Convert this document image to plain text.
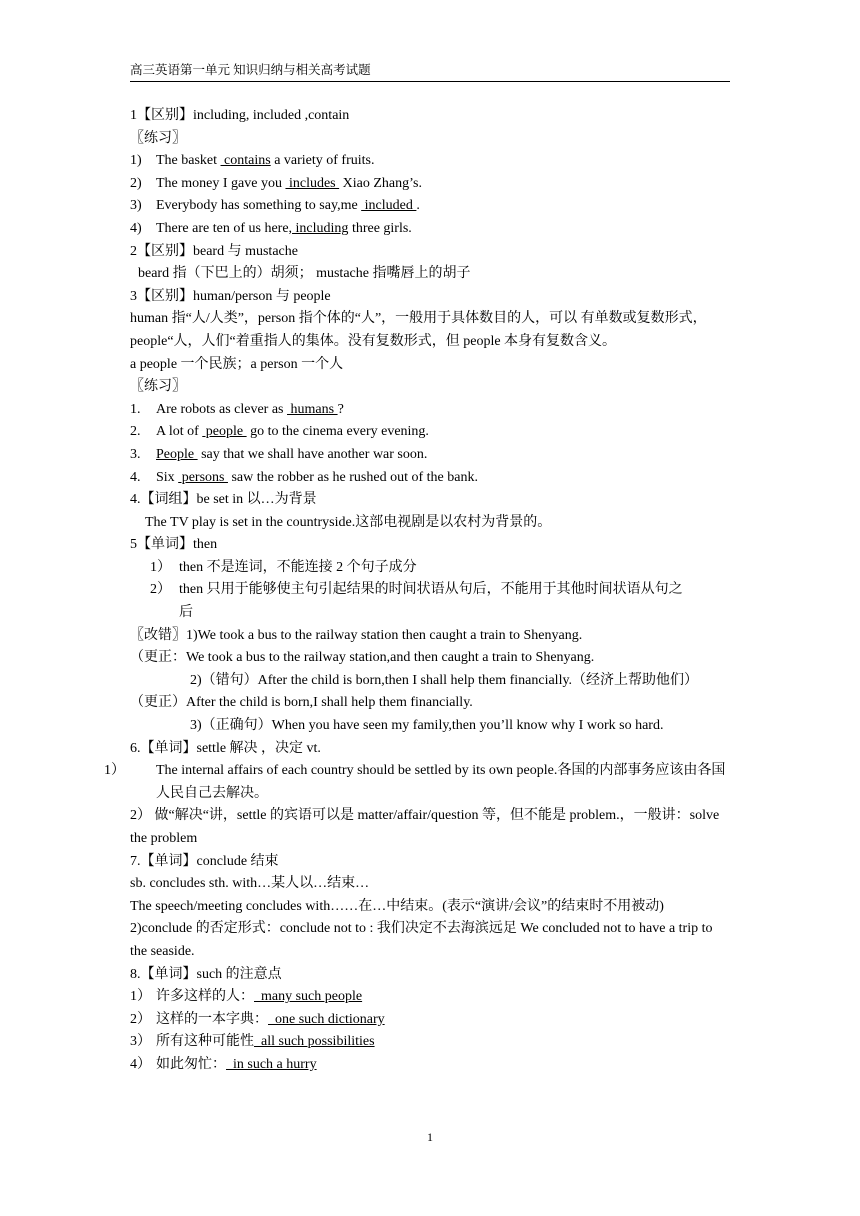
高三英语第一单元 知识归纳与相关高考试题

1【区别】including, included ,contain

〖练习〗

1) The basket  contains a variety of fruits.

2) The money I gave you  includes  Xiao Zhang’s.

3) Everybody has something to say,me  included .

4) There are ten of us here, including three girls.

2【区别】beard 与 mustache

beard 指（下巴上的）胡须； mustache 指嘴唇上的胡子

3【区别】human/person 与 people

human 指“人/人类”，person 指个体的“人”，一般用于具体数目的人，可以 有单数或复数形式，

people“人，人们“着重指人的集体。没有复数形式，但 people 本身有复数含义。

a people 一个民族；a person 一个人

〖练习〗

1. Are robots as clever as  humans ?

2. A lot of  people  go to the cinema every evening.

3. People  say that we shall have another war soon.

4. Six  persons  saw the robber as he rushed out of the bank.

4.【词组】be set in 以…为背景

The TV play is set in the countryside.这部电视剧是以农村为背景的。

5【单词】then

1） then 不是连词，不能连接 2 个句子成分

2） then 只用于能够使主句引起结果的时间状语从句后，不能用于其他时间状语从句之

后

〖改错〗1)We took a bus to the railway station then caught a train to Shenyang.

（更正：We took a bus to the railway station,and then caught a train to Shenyang.

2)（错句）After the child is born,then I shall help them financially.（经济上帮助他们）

（更正）After the child is born,I shall help them financially.

3)（正确句）When you have seen my family,then you’ll know why I work so hard.

6.【单词】settle 解决 ，决定 vt.

1） The internal affairs of each country should be settled by its own people.各国的内部事务应该由各国人民自己去解决。

2） 做“解决“讲，settle 的宾语可以是 matter/affair/question 等，但不能是 problem.，一般讲：solve the problem

7.【单词】conclude 结束

sb. concludes sth. with…某人以…结束…

The speech/meeting concludes with……在…中结束。(表示“演讲/会议”的结束时不用被动)

2)conclude 的否定形式：conclude not to : 我们决定不去海滨远足 We concluded not to have a trip to the seaside.

8.【单词】such 的注意点

1） 许多这样的人：  many such people

2） 这样的一本字典：  one such dictionary

3） 所有这种可能性  all such possibilities

4） 如此匆忙：  in such a hurry

1
